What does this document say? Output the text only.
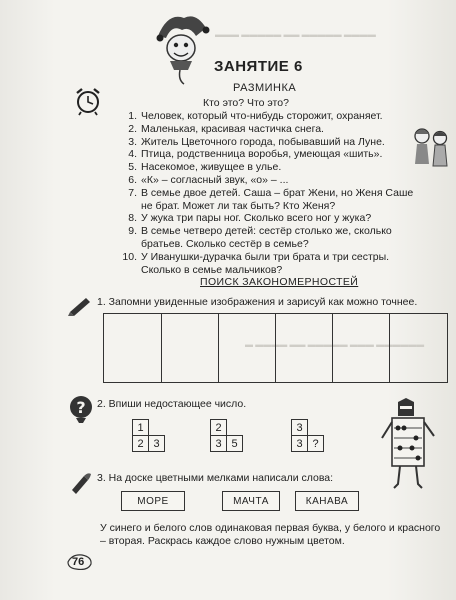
▬▬▬ ▬▬▬▬▬ ▬▬ ▬▬▬▬▬ ▬▬▬▬
▬ ▬▬▬▬ ▬▬ ▬▬▬▬▬ ▬▬▬ ▬▬▬▬▬▬
ЗАНЯТИЕ 6
РАЗМИНКА
Кто это? Что это?
1. Человек, который что-нибудь сторожит, охраняет.
2. Маленькая, красивая частичка снега.
3. Житель Цветочного города, побывавший на Луне.
4. Птица, родственница воробья, умеющая «шить».
5. Насекомое, живущее в улье.
6. «К» – согласный звук, «о» – ...
7. В семье двое детей. Саша – брат Жени, но Женя Саше не брат. Может ли так быть? Кто Женя?
8. У жука три пары ног. Сколько всего ног у жука?
9. В семье четверо детей: сестёр столько же, сколько братьев. Сколько сестёр в семье?
10. У Иванушки-дурачка были три брата и три сестры. Сколько в семье мальчиков?
ПОИСК ЗАКОНОМЕРНОСТЕЙ
1. Запомни увиденные изображения и зарисуй как можно точнее.
? 2. Впиши недостающее число.
1
2 3
2
3 5
3
3 ?
3. На доске цветными мелками написали слова:
МОРЕ	МАЧТА	КАНАВА
У синего и белого слов одинаковая первая буква, у белого и красного – вторая. Раскрась каждое слово нужным цветом.
76
